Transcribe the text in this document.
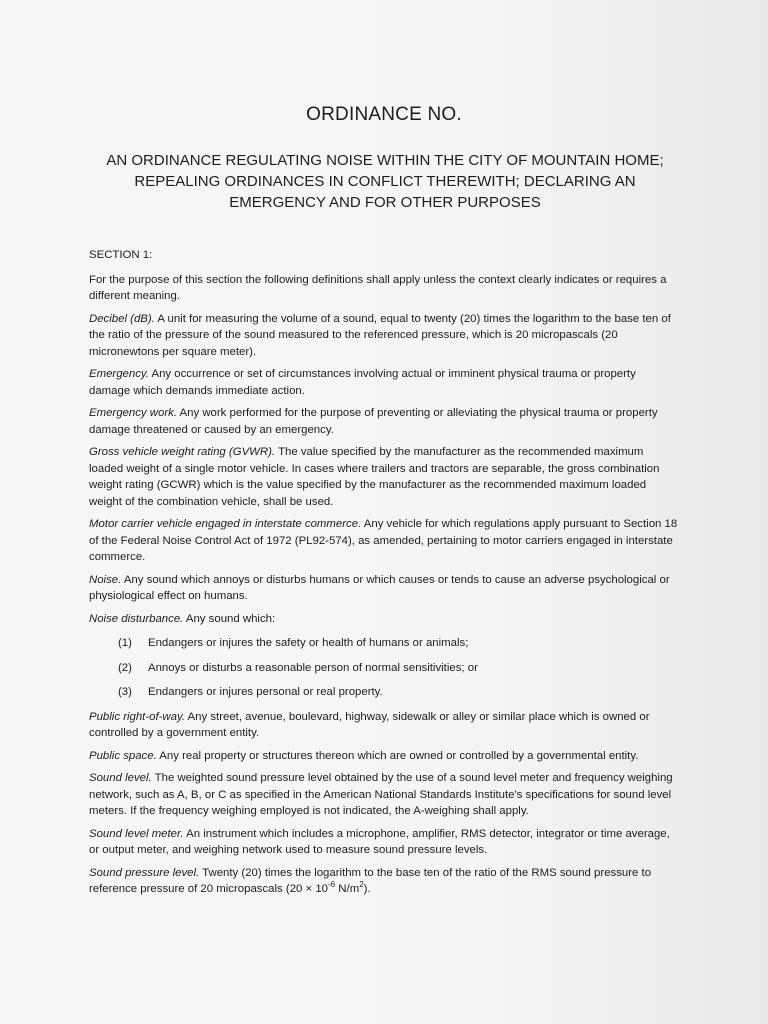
ORDINANCE NO.
AN ORDINANCE REGULATING NOISE WITHIN THE CITY OF MOUNTAIN HOME; REPEALING ORDINANCES IN CONFLICT THEREWITH; DECLARING AN EMERGENCY AND FOR OTHER PURPOSES

SECTION 1:

For the purpose of this section the following definitions shall apply unless the context clearly indicates or requires a different meaning.

Decibel (dB). A unit for measuring the volume of a sound, equal to twenty (20) times the logarithm to the base ten of the ratio of the pressure of the sound measured to the referenced pressure, which is 20 micropascals (20 micronewtons per square meter).

Emergency. Any occurrence or set of circumstances involving actual or imminent physical trauma or property damage which demands immediate action.

Emergency work. Any work performed for the purpose of preventing or alleviating the physical trauma or property damage threatened or caused by an emergency.

Gross vehicle weight rating (GVWR). The value specified by the manufacturer as the recommended maximum loaded weight of a single motor vehicle. In cases where trailers and tractors are separable, the gross combination weight rating (GCWR) which is the value specified by the manufacturer as the recommended maximum loaded weight of the combination vehicle, shall be used.

Motor carrier vehicle engaged in interstate commerce. Any vehicle for which regulations apply pursuant to Section 18 of the Federal Noise Control Act of 1972 (PL92-574), as amended, pertaining to motor carriers engaged in interstate commerce.

Noise. Any sound which annoys or disturbs humans or which causes or tends to cause an adverse psychological or physiological effect on humans.

Noise disturbance. Any sound which:

(1)	Endangers or injures the safety or health of humans or animals;
(2)	Annoys or disturbs a reasonable person of normal sensitivities; or
(3)	Endangers or injures personal or real property.

Public right-of-way. Any street, avenue, boulevard, highway, sidewalk or alley or similar place which is owned or controlled by a government entity.

Public space. Any real property or structures thereon which are owned or controlled by a governmental entity.

Sound level. The weighted sound pressure level obtained by the use of a sound level meter and frequency weighing network, such as A, B, or C as specified in the American National Standards Institute's specifications for sound level meters. If the frequency weighing employed is not indicated, the A-weighing shall apply.

Sound level meter. An instrument which includes a microphone, amplifier, RMS detector, integrator or time average, or output meter, and weighing network used to measure sound pressure levels.

Sound pressure level. Twenty (20) times the logarithm to the base ten of the ratio of the RMS sound pressure to reference pressure of 20 micropascals ($20 \times 10^{-6}$ $N/m^2$).
